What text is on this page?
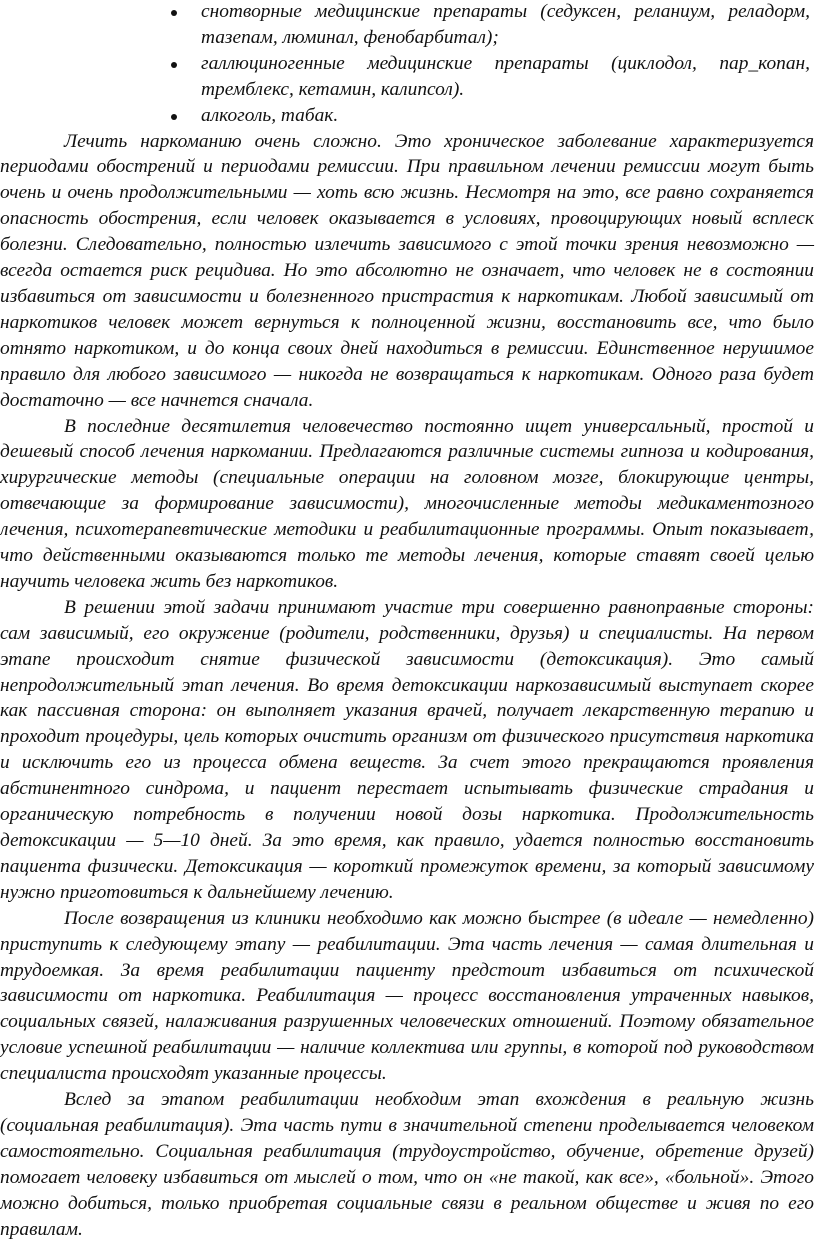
снотворные медицинские препараты (седуксен, реланиум, реладорм, тазепам, люминал, фенобарбитал);
галлюциногенные медицинские препараты (циклодол, пар_копан, тремблекс, кетамин, калипсол).
алкоголь, табак.

Лечить наркоманию очень сложно. Это хроническое заболевание характеризуется периодами обострений и периодами ремиссии. При правильном лечении ремиссии могут быть очень и очень продолжительными — хоть всю жизнь. Несмотря на это, все равно сохраняется опасность обострения, если человек оказывается в условиях, провоцирующих новый всплеск болезни. Следовательно, полностью излечить зависимого с этой точки зрения невозможно — всегда остается риск рецидива. Но это абсолютно не означает, что человек не в состоянии избавиться от зависимости и болезненного пристрастия к наркотикам. Любой зависимый от наркотиков человек может вернуться к полноценной жизни, восстановить все, что было отнято наркотиком, и до конца своих дней находиться в ремиссии. Единственное нерушимое правило для любого зависимого — никогда не возвращаться к наркотикам. Одного раза будет достаточно — все начнется сначала.

В последние десятилетия человечество постоянно ищет универсальный, простой и дешевый способ лечения наркомании. Предлагаются различные системы гипноза и кодирования, хирургические методы (специальные операции на головном мозге, блокирующие центры, отвечающие за формирование зависимости), многочисленные методы медикаментозного лечения, психотерапевтические методики и реабилитационные программы. Опыт показывает, что действенными оказываются только те методы лечения, которые ставят своей целью научить человека жить без наркотиков.

В решении этой задачи принимают участие три совершенно равноправные стороны: сам зависимый, его окружение (родители, родственники, друзья) и специалисты. На первом этапе происходит снятие физической зависимости (детоксикация). Это самый непродолжительный этап лечения. Во время детоксикации наркозависимый выступает скорее как пассивная сторона: он выполняет указания врачей, получает лекарственную терапию и проходит процедуры, цель которых очистить организм от физического присутствия наркотика и исключить его из процесса обмена веществ. За счет этого прекращаются проявления абстинентного синдрома, и пациент перестает испытывать физические страдания и органическую потребность в получении новой дозы наркотика. Продолжительность детоксикации — 5—10 дней. За это время, как правило, удается полностью восстановить пациента физически. Детоксикация — короткий промежуток времени, за который зависимому нужно приготовиться к дальнейшему лечению.

После возвращения из клиники необходимо как можно быстрее (в идеале — немедленно) приступить к следующему этапу — реабилитации. Эта часть лечения — самая длительная и трудоемкая. За время реабилитации пациенту предстоит избавиться от психической зависимости от наркотика. Реабилитация — процесс восстановления утраченных навыков, социальных связей, налаживания разрушенных человеческих отношений. Поэтому обязательное условие успешной реабилитации — наличие коллектива или группы, в которой под руководством специалиста происходят указанные процессы.

Вслед за этапом реабилитации необходим этап вхождения в реальную жизнь (социальная реабилитация). Эта часть пути в значительной степени проделывается человеком самостоятельно. Социальная реабилитация (трудоустройство, обучение, обретение друзей) помогает человеку избавиться от мыслей о том, что он «не такой, как все», «больной». Этого можно добиться, только приобретая социальные связи в реальном обществе и живя по его правилам.
